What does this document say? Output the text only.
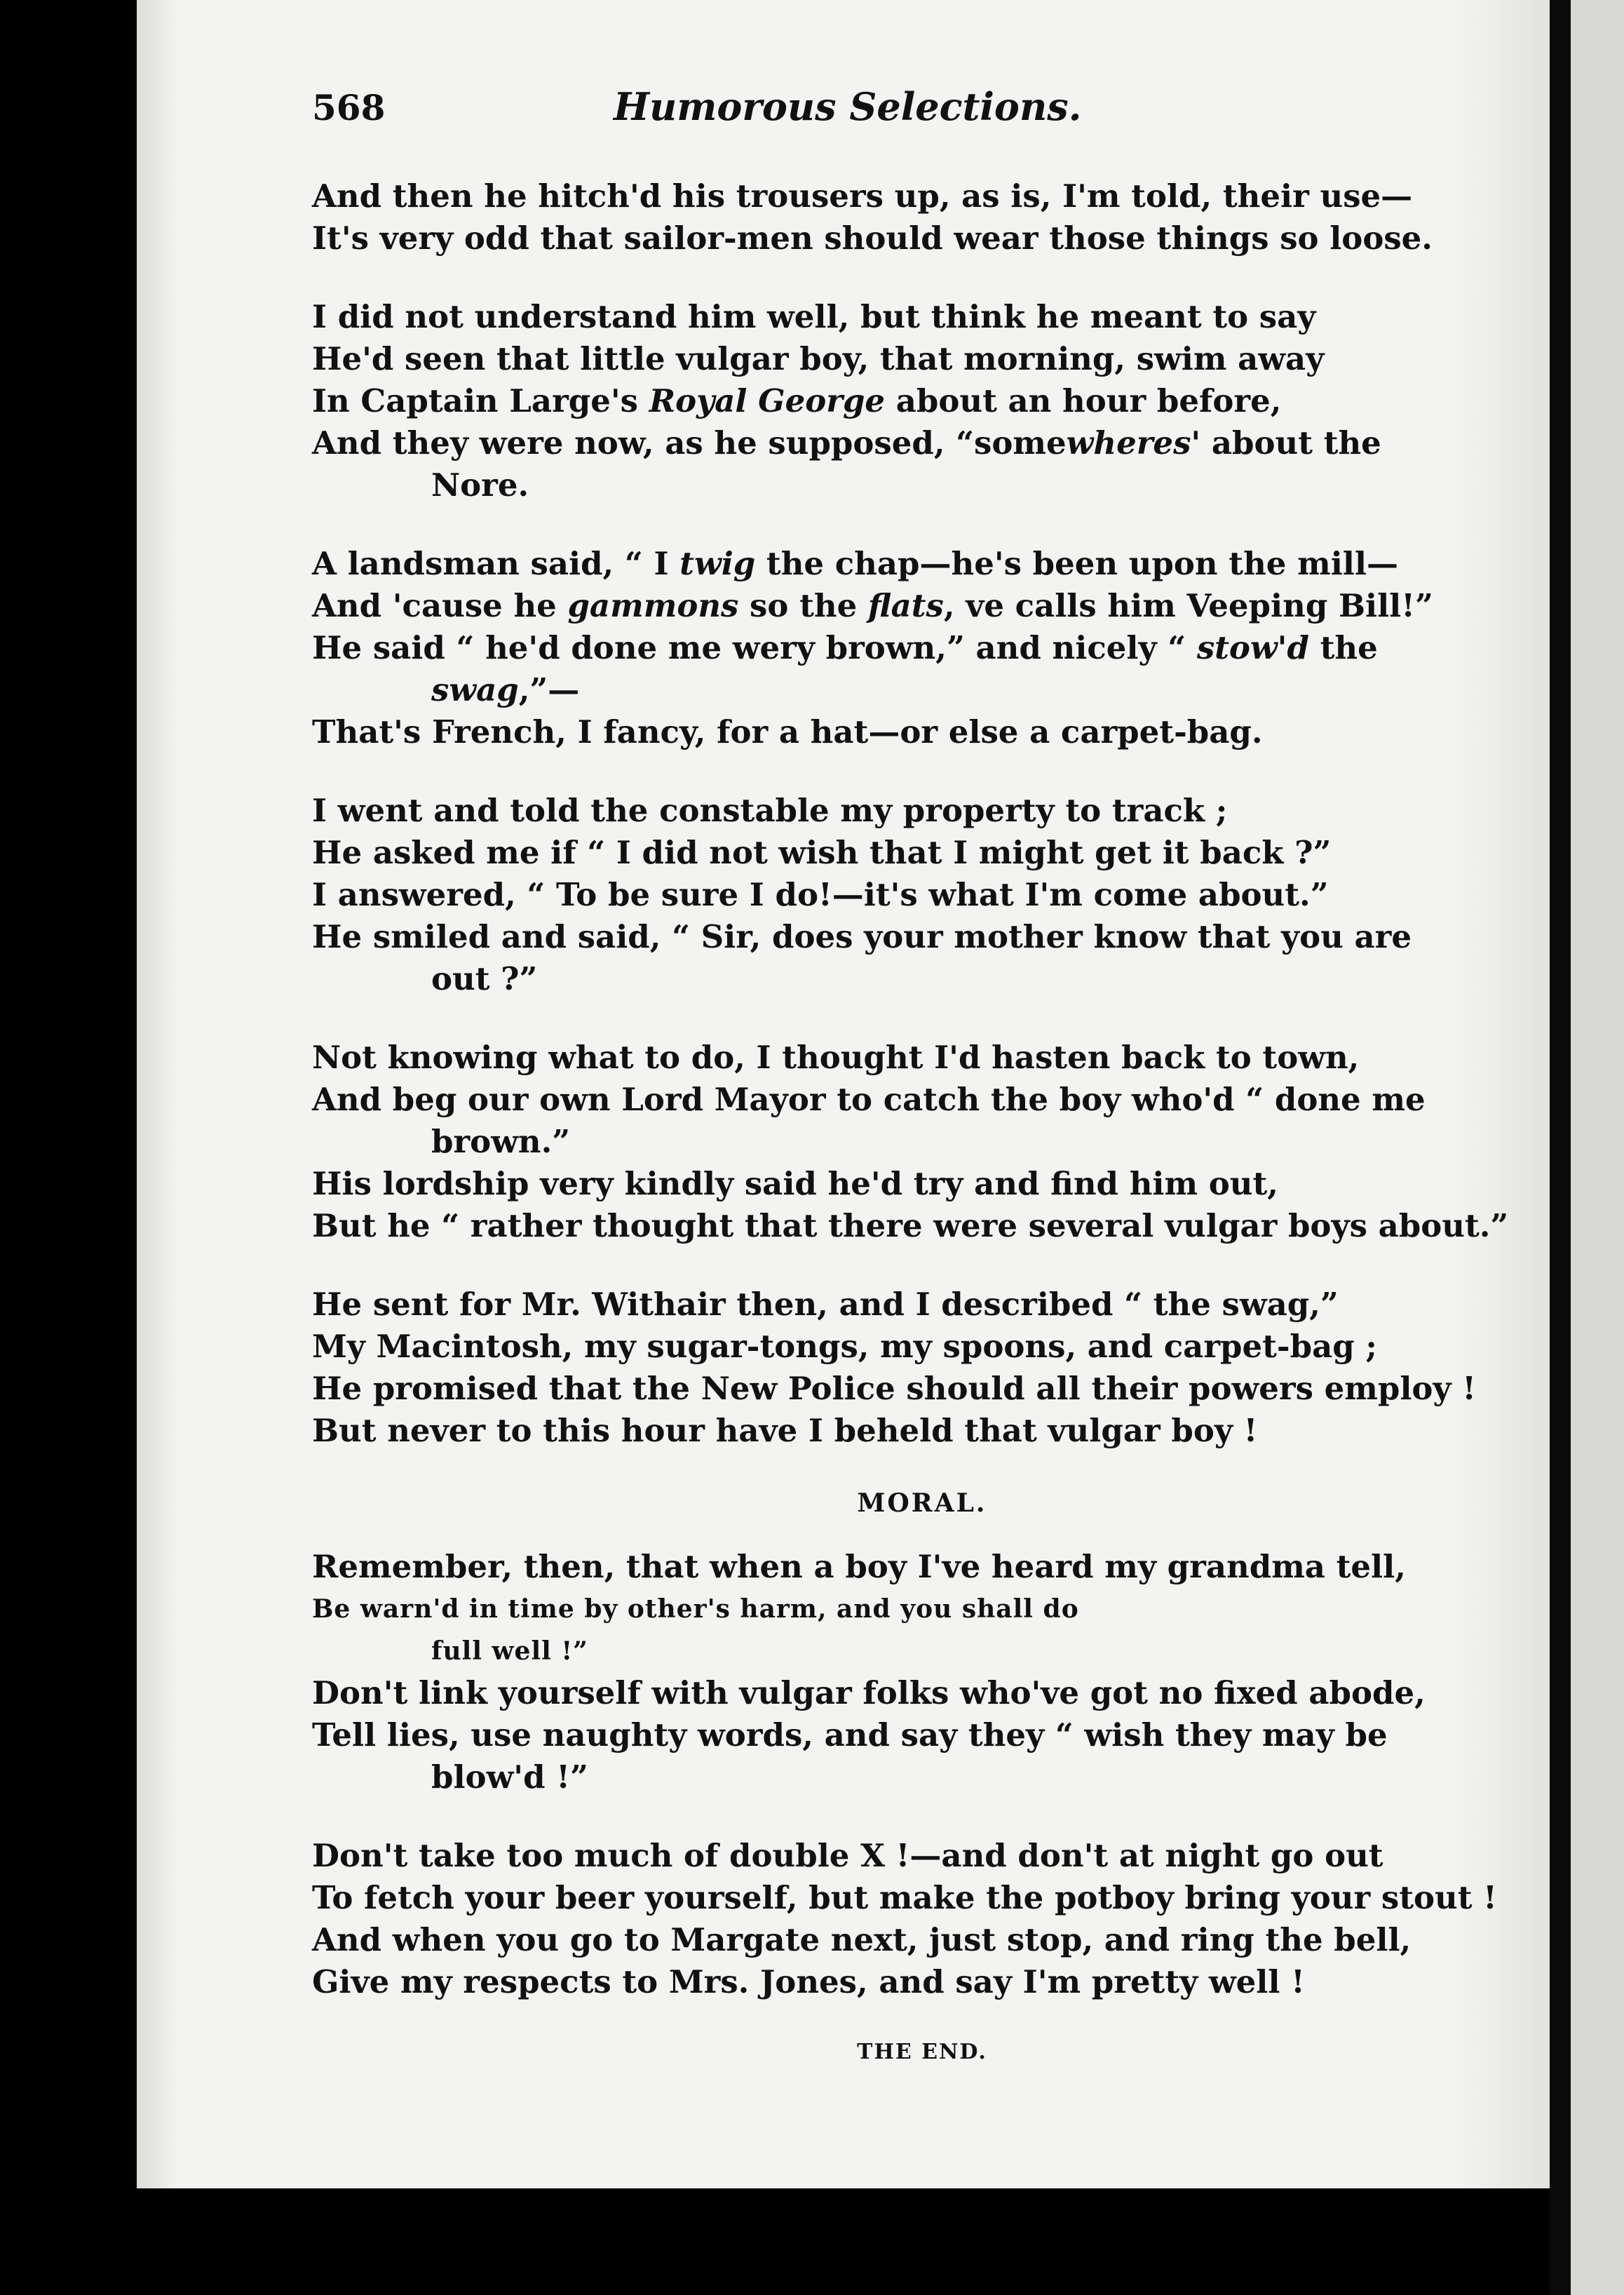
568	Humorous Selections.
And then he hitch'd his trousers up, as is, I'm told, their use—
It's very odd that sailor-men should wear those things so loose.
I did not understand him well, but think he meant to say
He'd seen that little vulgar boy, that morning, swim away
In Captain Large's Royal George about an hour before,
And they were now, as he supposed, “somewheres' about the
Nore.
A landsman said, “ I twig the chap—he's been upon the mill—
And 'cause he gammons so the flats, ve calls him Veeping Bill!”
He said “ he'd done me wery brown,” and nicely “ stow'd the
swag,”—
That's French, I fancy, for a hat—or else a carpet-bag.
I went and told the constable my property to track ;
He asked me if “ I did not wish that I might get it back ?”
I answered, “ To be sure I do!—it's what I'm come about.”
He smiled and said, “ Sir, does your mother know that you are
out ?”
Not knowing what to do, I thought I'd hasten back to town,
And beg our own Lord Mayor to catch the boy who'd “ done me
brown.”
His lordship very kindly said he'd try and find him out,
But he “ rather thought that there were several vulgar boys about.”
He sent for Mr. Withair then, and I described “ the swag,”
My Macintosh, my sugar-tongs, my spoons, and carpet-bag ;
He promised that the New Police should all their powers employ !
But never to this hour have I beheld that vulgar boy !
MORAL.
Remember, then, that when a boy I've heard my grandma tell,
Be warn'd in time by other's harm, and you shall do
full well !”
Don't link yourself with vulgar folks who've got no fixed abode,
Tell lies, use naughty words, and say they “ wish they may be
blow'd !”
Don't take too much of double X !—and don't at night go out
To fetch your beer yourself, but make the potboy bring your stout !
And when you go to Margate next, just stop, and ring the bell,
Give my respects to Mrs. Jones, and say I'm pretty well !
THE END.
